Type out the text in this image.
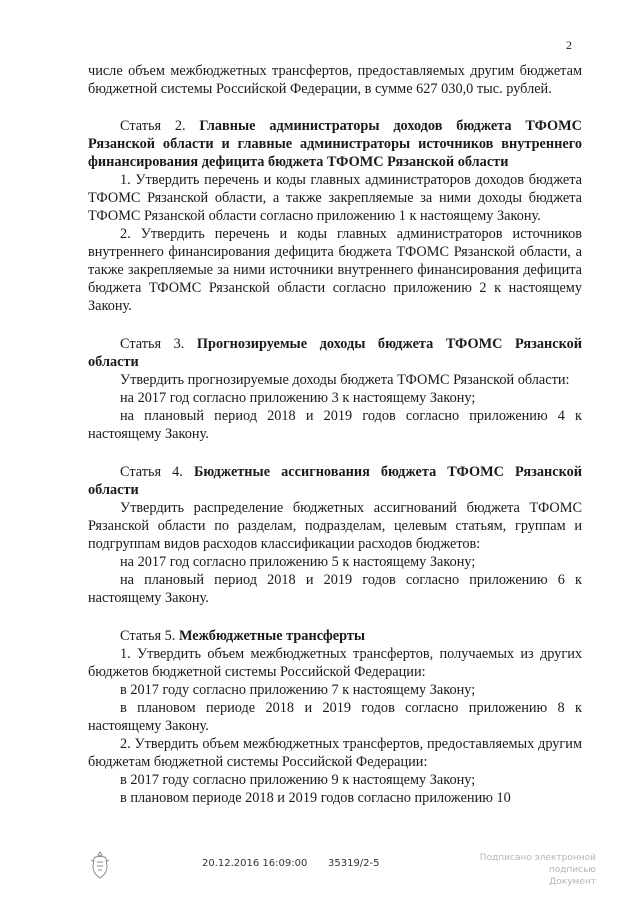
2

числе объем межбюджетных трансфертов, предоставляемых другим бюджетам бюджетной системы Российской Федерации, в сумме 627 030,0 тыс. рублей.

Статья 2. Главные администраторы доходов бюджета ТФОМС Рязанской области и главные администраторы источников внутреннего финансирования дефицита бюджета ТФОМС Рязанской области

1. Утвердить перечень и коды главных администраторов доходов бюджета ТФОМС Рязанской области, а также закрепляемые за ними доходы бюджета ТФОМС Рязанской области согласно приложению 1 к настоящему Закону.

2. Утвердить перечень и коды главных администраторов источников внутреннего финансирования дефицита бюджета ТФОМС Рязанской области, а также закрепляемые за ними источники внутреннего финансирования дефицита бюджета ТФОМС Рязанской области согласно приложению 2 к настоящему Закону.

Статья 3. Прогнозируемые доходы бюджета ТФОМС Рязанской области

Утвердить прогнозируемые доходы бюджета ТФОМС Рязанской области:

на 2017 год согласно приложению 3 к настоящему Закону;

на плановый период 2018 и 2019 годов согласно приложению 4 к настоящему Закону.

Статья 4. Бюджетные ассигнования бюджета ТФОМС Рязанской области

Утвердить распределение бюджетных ассигнований бюджета ТФОМС Рязанской области по разделам, подразделам, целевым статьям, группам и подгруппам видов расходов классификации расходов бюджетов:

на 2017 год согласно приложению 5 к настоящему Закону;

на плановый период 2018 и 2019 годов согласно приложению 6 к настоящему Закону.

Статья 5. Межбюджетные трансферты

1. Утвердить объем межбюджетных трансфертов, получаемых из других бюджетов бюджетной системы Российской Федерации:

в 2017 году согласно приложению 7 к настоящему Закону;

в плановом периоде 2018 и 2019 годов согласно приложению 8 к настоящему Закону.

2. Утвердить объем межбюджетных трансфертов, предоставляемых другим бюджетам бюджетной системы Российской Федерации:

в 2017 году согласно приложению 9 к настоящему Закону;

в плановом периоде 2018 и 2019 годов согласно приложению 10

20.12.2016 16:09:00 35319/2-5	Подписано электронной подписью
Документ
